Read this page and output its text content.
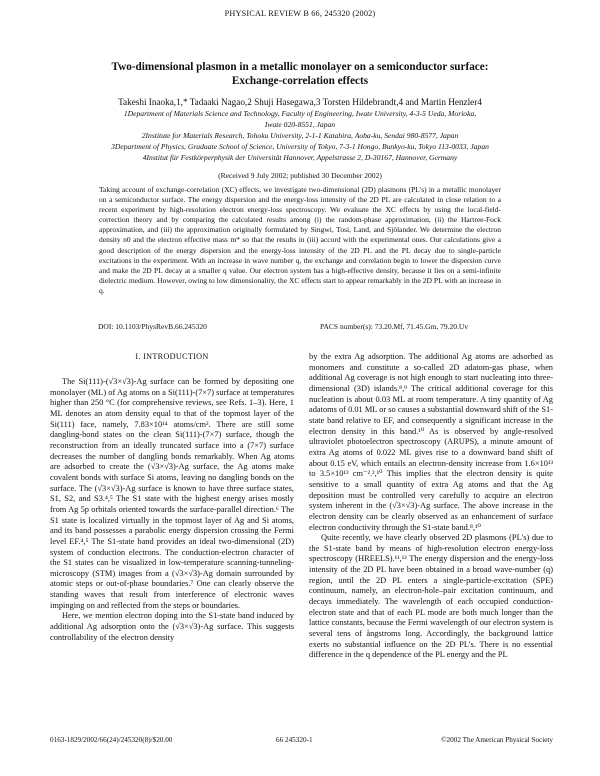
PHYSICAL REVIEW B 66, 245320 (2002)
Two-dimensional plasmon in a metallic monolayer on a semiconductor surface:
Exchange-correlation effects
Takeshi Inaoka,1,* Tadaaki Nagao,2 Shuji Hasegawa,3 Torsten Hildebrandt,4 and Martin Henzler4
1Department of Materials Science and Technology, Faculty of Engineering, Iwate University, 4-3-5 Ueda, Morioka,
Iwate 020-8551, Japan
2Institute for Materials Research, Tohoku University, 2-1-1 Katahira, Aoba-ku, Sendai 980-8577, Japan
3Department of Physics, Graduate School of Science, University of Tokyo, 7-3-1 Hongo, Bunkyo-ku, Tokyo 113-0033, Japan
4Institut für Festkörperphysik der Universität Hannover, Appelstrasse 2, D-30167, Hannover, Germany
(Received 9 July 2002; published 30 December 2002)
Taking account of exchange-correlation (XC) effects, we investigate two-dimensional (2D) plasmons (PL's) in a metallic monolayer on a semiconductor surface. The energy dispersion and the energy-loss intensity of the 2D PL are calculated in close relation to a recent experiment by high-resolution electron energy-loss spectroscopy. We evaluate the XC effects by using the local-field-correction theory and by comparing the calculated results among (i) the random-phase approximation, (ii) the Hartree-Fock approximation, and (iii) the approximation originally formulated by Singwi, Tosi, Land, and Sjölander. We determine the electron density n0 and the electron effective mass m* so that the results in (iii) accord with the experimental ones. Our calculations give a good description of the energy dispersion and the energy-loss intensity of the 2D PL and the PL decay due to single-particle excitations in the experiment. With an increase in wave number q, the exchange and correlation begin to lower the dispersion curve and make the 2D PL decay at a smaller q value. Our electron system has a high-effective density, because it lies on a semi-infinite dielectric medium. However, owing to low dimensionality, the XC effects start to appear remarkably in the 2D PL with an increase in q.
DOI: 10.1103/PhysRevB.66.245320	PACS number(s): 73.20.Mf, 71.45.Gm, 79.20.Uv
I. INTRODUCTION

The Si(111)-(√3×√3)-Ag surface can be formed by depositing one monolayer (ML) of Ag atoms on a Si(111)-(7×7) surface at temperatures higher than 250 °C (for comprehensive reviews, see Refs. 1–3). Here, 1 ML denotes an atom density equal to that of the topmost layer of the Si(111) face, namely, 7.83×10¹⁴ atoms/cm². There are still some dangling-bond states on the clean Si(111)-(7×7) surface, though the reconstruction from an ideally truncated surface into a (7×7) surface decreases the number of dangling bonds remarkably. When Ag atoms are adsorbed to create the (√3×√3)-Ag surface, the Ag atoms make covalent bonds with surface Si atoms, leaving no dangling bonds on the surface. The (√3×√3)-Ag surface is known to have three surface states, S1, S2, and S3.⁴,⁵ The S1 state with the highest energy arises mostly from Ag 5p orbitals oriented towards the surface-parallel direction.⁶ The S1 state is localized virtually in the topmost layer of Ag and Si atoms, and its band possesses a parabolic energy dispersion crossing the Fermi level EF.⁴,⁵ The S1-state band provides an ideal two-dimensional (2D) system of conduction electrons. The conduction-electron character of the S1 states can be visualized in low-temperature scanning-tunneling-microscopy (STM) images from a (√3×√3)-Ag domain surrounded by atomic steps or out-of-phase boundaries.⁷ One can clearly observe the standing waves that result from interference of electronic waves impinging on and reflected from the steps or boundaries.

Here, we mention electron doping into the S1-state band induced by additional Ag adsorption onto the (√3×√3)-Ag surface. This suggests controllability of the electron density

by the extra Ag adsorption. The additional Ag atoms are adsorbed as monomers and constitute a so-called 2D adatom-gas phase, when additional Ag coverage is not high enough to start nucleating into three-dimensional (3D) islands.⁸,⁹ The critical additional coverage for this nucleation is about 0.03 ML at room temperature. A tiny quantity of Ag adatoms of 0.01 ML or so causes a substantial downward shift of the S1-state band relative to EF, and consequently a significant increase in the electron density in this band.¹⁰ As is observed by angle-resolved ultraviolet photoelectron spectroscopy (ARUPS), a minute amount of extra Ag atoms of 0.022 ML gives rise to a downward band shift of about 0.15 eV, which entails an electron-density increase from 1.6×10¹³ to 3.5×10¹³ cm⁻².²,¹⁰ This implies that the electron density is quite sensitive to a small quantity of extra Ag atoms and that the Ag deposition must be controlled very carefully to acquire an electron system inherent in the (√3×√3)-Ag surface. The above increase in the electron density can be clearly observed as an enhancement of surface electron conductivity through the S1-state band.⁸,¹⁰

Quite recently, we have clearly observed 2D plasmons (PL's) due to the S1-state band by means of high-resolution electron energy-loss spectroscopy (HREELS).¹¹,¹² The energy dispersion and the energy-loss intensity of the 2D PL have been obtained in a broad wave-number (q) region, until the 2D PL enters a single-particle-excitation (SPE) continuum, namely, an electron-hole–pair excitation continuum, and decays immediately. The wavelength of each occupied conduction-electron state and that of each PL mode are both much longer than the lattice constants, because the Fermi wavelength of our electron system is several tens of ångstroms long. Accordingly, the background lattice exerts no substantial influence on the 2D PL's. There is no essential difference in the q dependence of the PL energy and the PL

0163-1829/2002/66(24)/245320(8)/$20.00	66 245320-1	©2002 The American Physical Society
